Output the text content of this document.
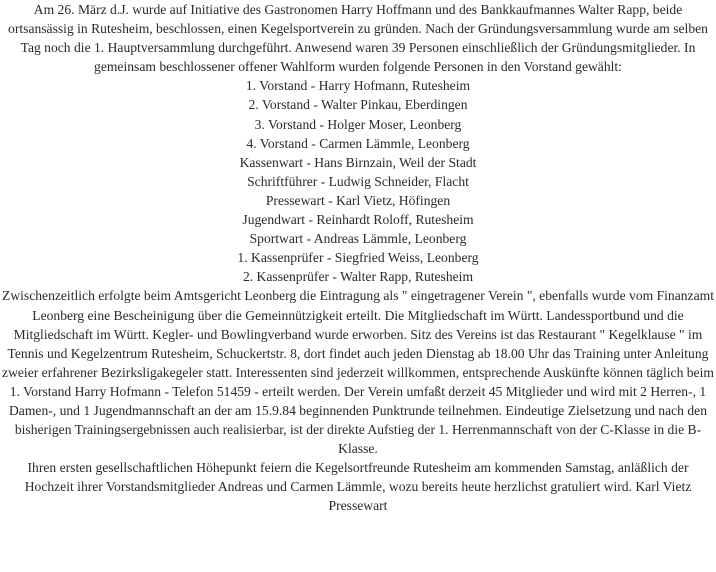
Am 26. März d.J. wurde auf Initiative des Gastronomen Harry Hoffmann und des Bankkaufmannes Walter Rapp, beide ortsansässig in Rutesheim, beschlossen, einen Kegelsportverein zu gründen. Nach der Gründungsversammlung wurde am selben Tag noch die 1. Hauptversammlung durchgeführt. Anwesend waren 39 Personen einschließlich der Gründungsmitglieder. In gemeinsam beschlossener offener Wahlform wurden folgende Personen in den Vorstand gewählt:

1. Vorstand - Harry Hofmann, Rutesheim
2. Vorstand - Walter Pinkau, Eberdingen
3. Vorstand - Holger Moser, Leonberg
4. Vorstand - Carmen Lämmle, Leonberg
Kassenwart - Hans Birnzain, Weil der Stadt
Schriftführer - Ludwig Schneider, Flacht
Pressewart - Karl Vietz, Höfingen
Jugendwart - Reinhardt Roloff, Rutesheim
Sportwart - Andreas Lämmle, Leonberg
1. Kassenprüfer - Siegfried Weiss, Leonberg
2. Kassenprüfer - Walter Rapp, Rutesheim

Zwischenzeitlich erfolgte beim Amtsgericht Leonberg die Eintragung als " eingetragener Verein ", ebenfalls wurde vom Finanzamt Leonberg eine Bescheinigung über die Gemeinnützigkeit erteilt. Die Mitgliedschaft im Württ. Landessportbund und die Mitgliedschaft im Württ. Kegler- und Bowlingverband wurde erworben. Sitz des Vereins ist das Restaurant " Kegelklause " im Tennis und Kegelzentrum Rutesheim, Schuckertstr. 8, dort findet auch jeden Dienstag ab 18.00 Uhr das Training unter Anleitung zweier erfahrener Bezirksligakegeler statt. Interessenten sind jederzeit willkommen, entsprechende Auskünfte können täglich beim 1. Vorstand Harry Hofmann - Telefon 51459 - erteilt werden. Der Verein umfaßt derzeit 45 Mitglieder und wird mit 2 Herren-, 1 Damen-, und 1 Jugendmannschaft an der am 15.9.84 beginnenden Punktrunde teilnehmen. Eindeutige Zielsetzung und nach den bisherigen Trainingsergebnissen auch realisierbar, ist der direkte Aufstieg der 1. Herrenmannschaft von der C-Klasse in die B-Klasse.

Ihren ersten gesellschaftlichen Höhepunkt feiern die Kegelsortfreunde Rutesheim am kommenden Samstag, anläßlich der Hochzeit ihrer Vorstandsmitglieder Andreas und Carmen Lämmle, wozu bereits heute herzlichst gratuliert wird. Karl Vietz Pressewart
